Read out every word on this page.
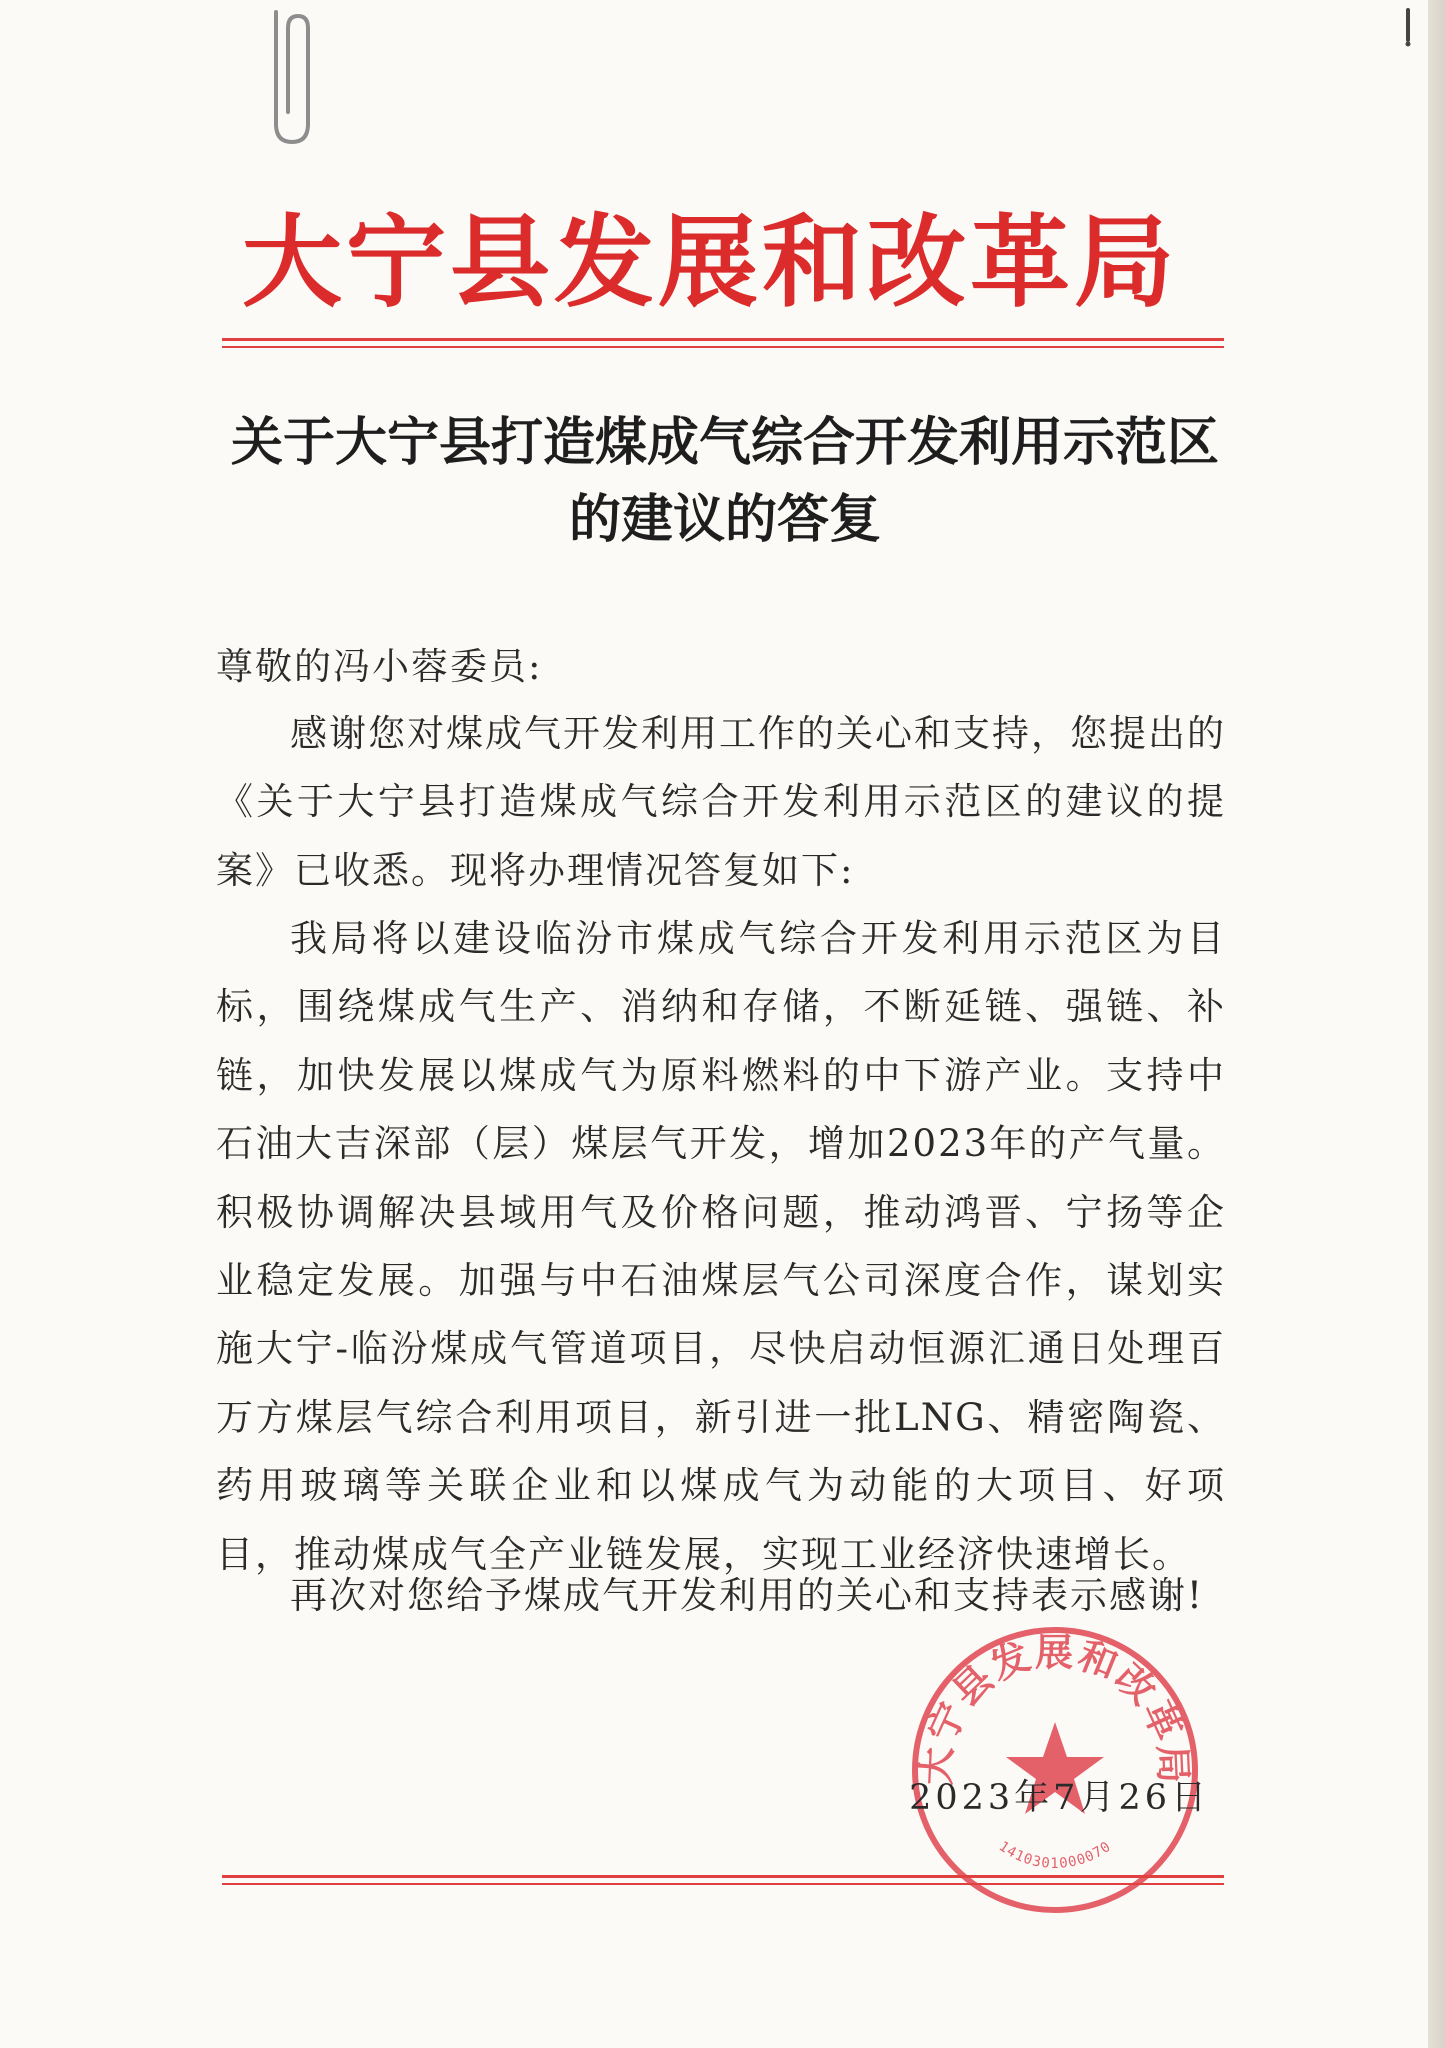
大宁县发展和改革局
关于大宁县打造煤成气综合开发利用示范区
的建议的答复
尊敬的冯小蓉委员:
感谢您对煤成气开发利用工作的关心和支持，您提出的《关于大宁县打造煤成气综合开发利用示范区的建议的提案》已收悉。现将办理情况答复如下:
我局将以建设临汾市煤成气综合开发利用示范区为目标，围绕煤成气生产、消纳和存储，不断延链、强链、补链，加快发展以煤成气为原料燃料的中下游产业。支持中石油大吉深部（层）煤层气开发，增加2023年的产气量。积极协调解决县域用气及价格问题，推动鸿晋、宁扬等企业稳定发展。加强与中石油煤层气公司深度合作，谋划实施大宁-临汾煤成气管道项目，尽快启动恒源汇通日处理百万方煤层气综合利用项目，新引进一批LNG、精密陶瓷、药用玻璃等关联企业和以煤成气为动能的大项目、好项目，推动煤成气全产业链发展，实现工业经济快速增长。
再次对您给予煤成气开发利用的关心和支持表示感谢!
大宁县发展和改革局
1410301000070
2023年7月26日
